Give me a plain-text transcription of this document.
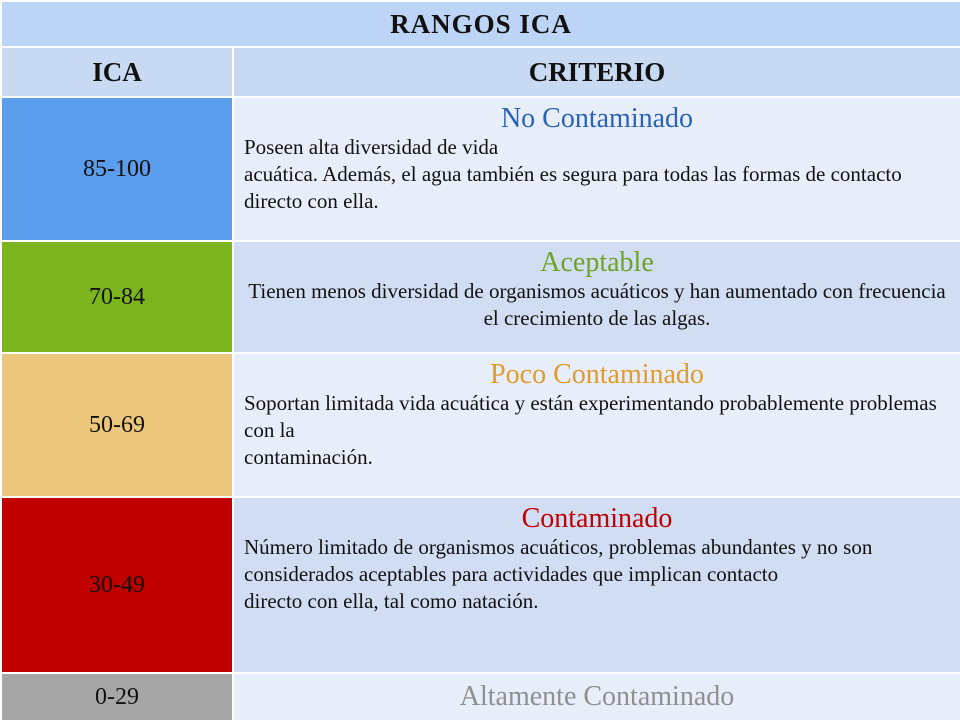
RANGOS ICA	
ICA	CRITERIO
85-100	No Contaminado
Poseen alta diversidad de vida
acuática. Además, el agua también es segura para todas las formas de contacto directo con ella.

70-84	Aceptable
Tienen menos diversidad de organismos acuáticos y han aumentado con frecuencia el crecimiento de las algas.

50-69	Poco Contaminado
Soportan limitada vida acuática y están experimentando probablemente problemas con la
contaminación.

30-49	Contaminado
Número limitado de organismos acuáticos, problemas abundantes y no son considerados aceptables para actividades que implican contacto
directo con ella, tal como natación.

0-29	Altamente Contaminado
